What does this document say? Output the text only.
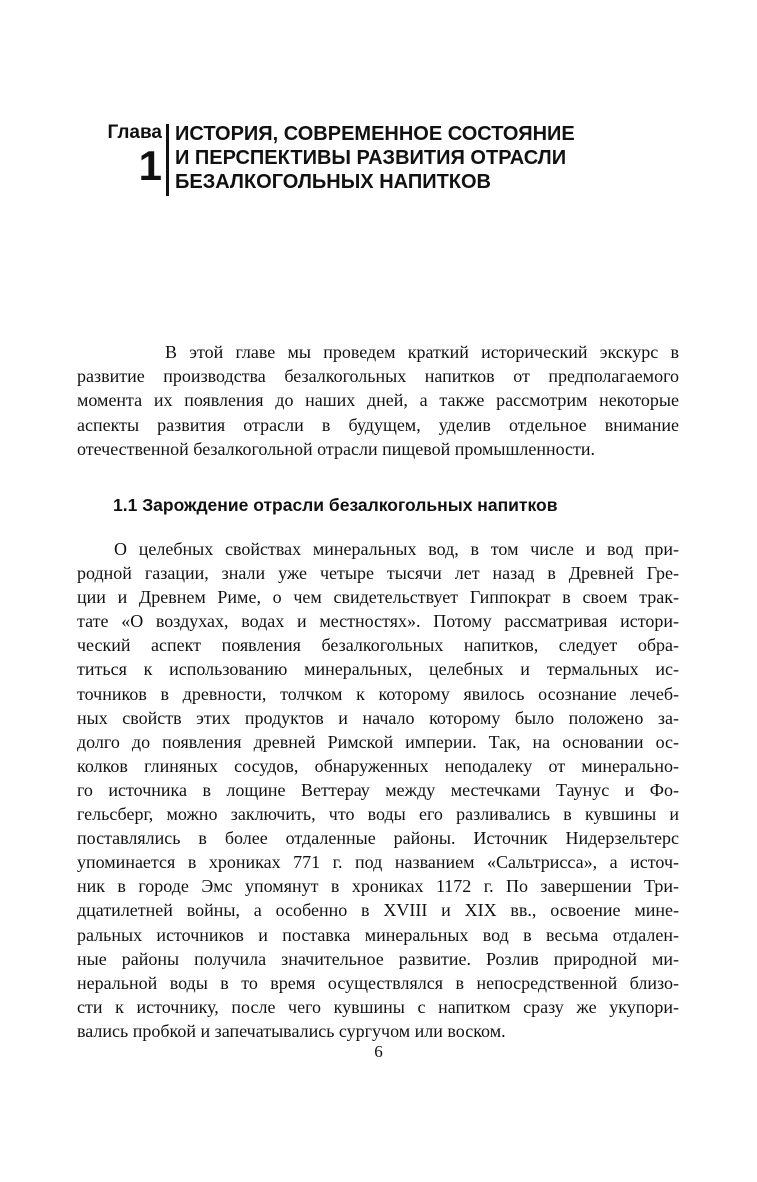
Глава
1
ИСТОРИЯ, СОВРЕМЕННОЕ СОСТОЯНИЕ
И ПЕРСПЕКТИВЫ РАЗВИТИЯ ОТРАСЛИ
БЕЗАЛКОГОЛЬНЫХ НАПИТКОВ
В этой главе мы проведем краткий исторический экскурс в
развитие производства безалкогольных напитков от предполагаемого
момента их появления до наших дней, а также рассмотрим некоторые
аспекты развития отрасли в будущем, уделив отдельное внимание
отечественной безалкогольной отрасли пищевой промышленности.
1.1 Зарождение отрасли безалкогольных напитков
О целебных свойствах минеральных вод, в том числе и вод при-
родной газации, знали уже четыре тысячи лет назад в Древней Гре-
ции и Древнем Риме, о чем свидетельствует Гиппократ в своем трак-
тате «О воздухах, водах и местностях». Потому рассматривая истори-
ческий аспект появления безалкогольных напитков, следует обра-
титься к использованию минеральных, целебных и термальных ис-
точников в древности, толчком к которому явилось осознание лечеб-
ных свойств этих продуктов и начало которому было положено за-
долго до появления древней Римской империи. Так, на основании ос-
колков глиняных сосудов, обнаруженных неподалеку от минерально-
го источника в лощине Веттерау между местечками Таунус и Фо-
гельсберг, можно заключить, что воды его разливались в кувшины и
поставлялись в более отдаленные районы. Источник Нидерзельтерс
упоминается в хрониках 771 г. под названием «Сальтрисса», а источ-
ник в городе Эмс упомянут в хрониках 1172 г. По завершении Три-
дцатилетней войны, а особенно в XVIII и XIX вв., освоение мине-
ральных источников и поставка минеральных вод в весьма отдален-
ные районы получила значительное развитие. Розлив природной ми-
неральной воды в то время осуществлялся в непосредственной близо-
сти к источнику, после чего кувшины с напитком сразу же укупори-
вались пробкой и запечатывались сургучом или воском.
6
